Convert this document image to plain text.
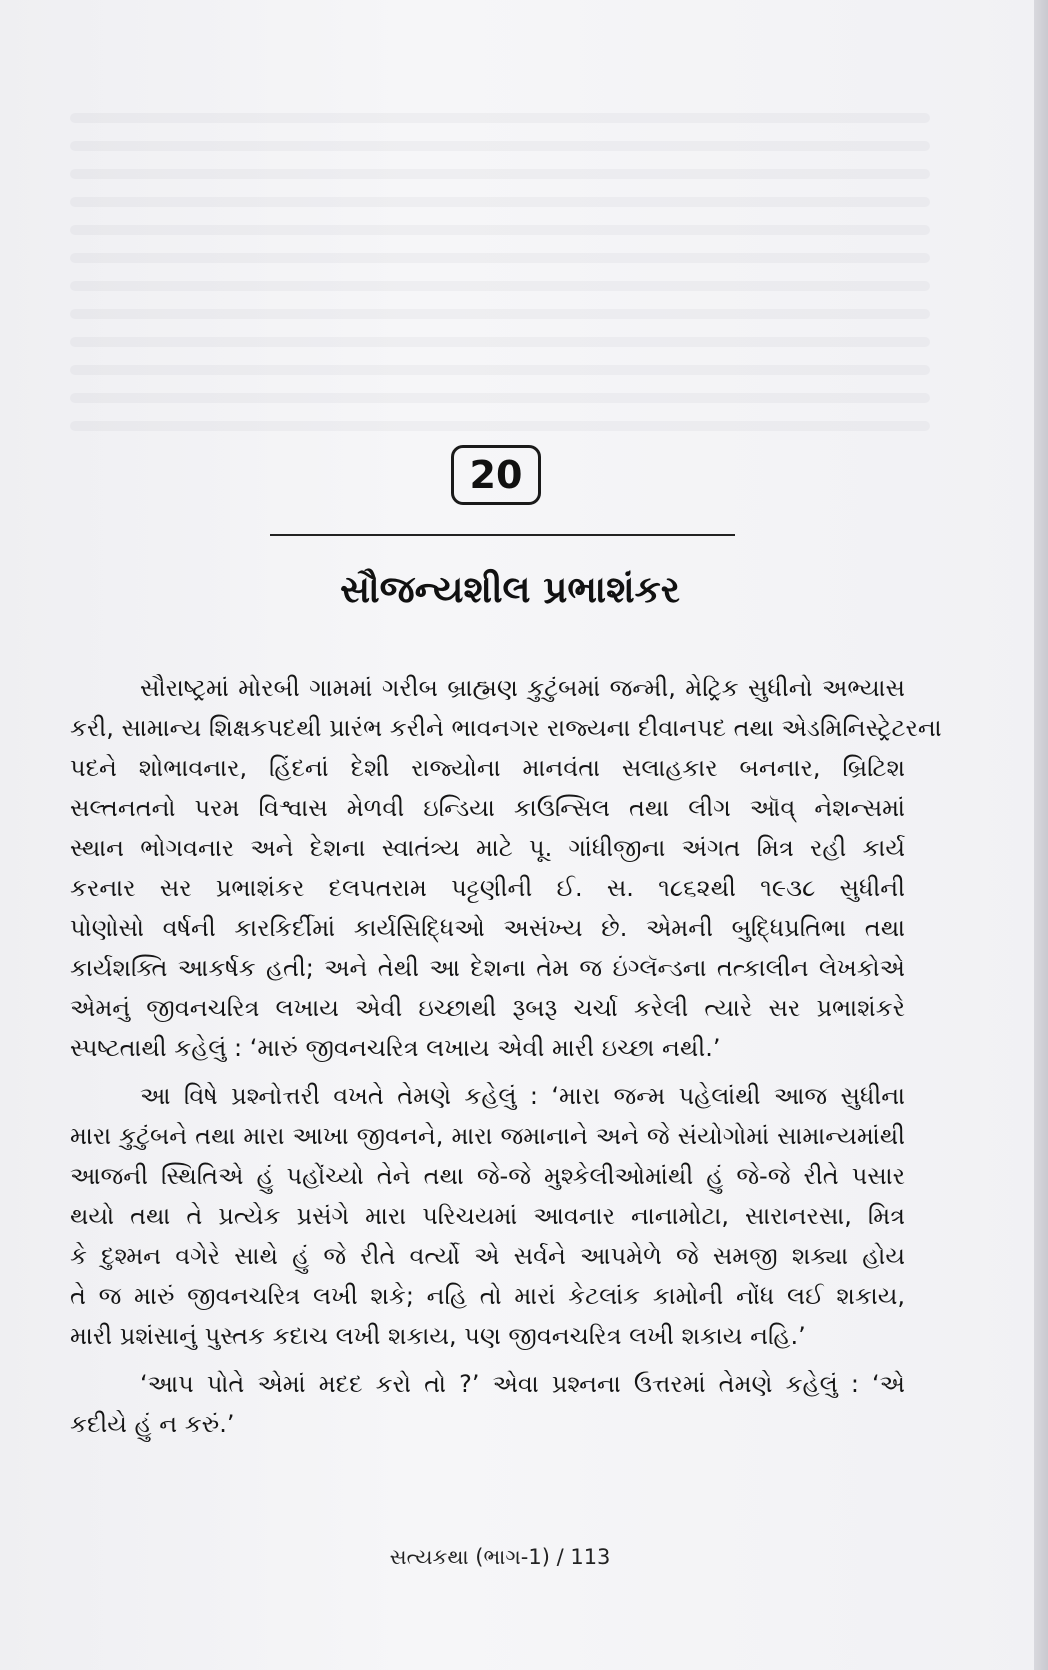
20
સૌજન્યશીલ પ્રભાશંકર
સૌરાષ્ટ્રમાં મોરબી ગામમાં ગરીબ બ્રાહ્મણ કુટુંબમાં જન્મી, મેટ્રિક સુધીનો અભ્યાસ
કરી, સામાન્ય શિક્ષકપદથી પ્રારંભ કરીને ભાવનગર રાજ્યના દીવાનપદ તથા એડમિનિસ્ટ્રેટરના
પદને શોભાવનાર, હિંદનાં દેશી રાજ્યોના માનવંતા સલાહકાર બનનાર, બ્રિટિશ
સલ્તનતનો પરમ વિશ્વાસ મેળવી ઇન્ડિયા કાઉન્સિલ તથા લીગ ઑવ્ નેશન્સમાં
સ્થાન ભોગવનાર અને દેશના સ્વાતંત્ર્ય માટે પૂ. ગાંધીજીના અંગત મિત્ર રહી કાર્ય
કરનાર સર પ્રભાશંકર દલપતરામ પટ્ટણીની ઈ. સ. ૧૮૬૨થી ૧૯૩૮ સુધીની
પોણોસો વર્ષની કારકિર્દીમાં કાર્યસિદ્ધિઓ અસંખ્ય છે. એમની બુદ્ધિપ્રતિભા તથા
કાર્યશક્તિ આકર્ષક હતી; અને તેથી આ દેશના તેમ જ ઇંગ્લૅન્ડના તત્કાલીન લેખકોએ
એમનું જીવનચરિત્ર લખાય એવી ઇચ્છાથી રૂબરૂ ચર્ચા કરેલી ત્યારે સર પ્રભાશંકરે
સ્પષ્ટતાથી કહેલું : ‘મારું જીવનચરિત્ર લખાય એવી મારી ઇચ્છા નથી.’
આ વિષે પ્રશ્નોત્તરી વખતે તેમણે કહેલું : ‘મારા જન્મ પહેલાંથી આજ સુધીના
મારા કુટુંબને તથા મારા આખા જીવનને, મારા જમાનાને અને જે સંયોગોમાં સામાન્યમાંથી
આજની સ્થિતિએ હું પહોંચ્યો તેને તથા જે-જે મુશ્કેલીઓમાંથી હું જે-જે રીતે પસાર
થયો તથા તે પ્રત્યેક પ્રસંગે મારા પરિચયમાં આવનાર નાનામોટા, સારાનરસા, મિત્ર
કે દુશ્મન વગેરે સાથે હું જે રીતે વર્ત્યો એ સર્વને આપમેળે જે સમજી શક્યા હોય
તે જ મારું જીવનચરિત્ર લખી શકે; નહિ તો મારાં કેટલાંક કામોની નોંધ લઈ શકાય,
મારી પ્રશંસાનું પુસ્તક કદાચ લખી શકાય, પણ જીવનચરિત્ર લખી શકાય નહિ.’
‘આપ પોતે એમાં મદદ કરો તો ?’ એવા પ્રશ્નના ઉત્તરમાં તેમણે કહેલું : ‘એ
કદીયે હું ન કરું.’
સત્યકથા (ભાગ-1) / 113
